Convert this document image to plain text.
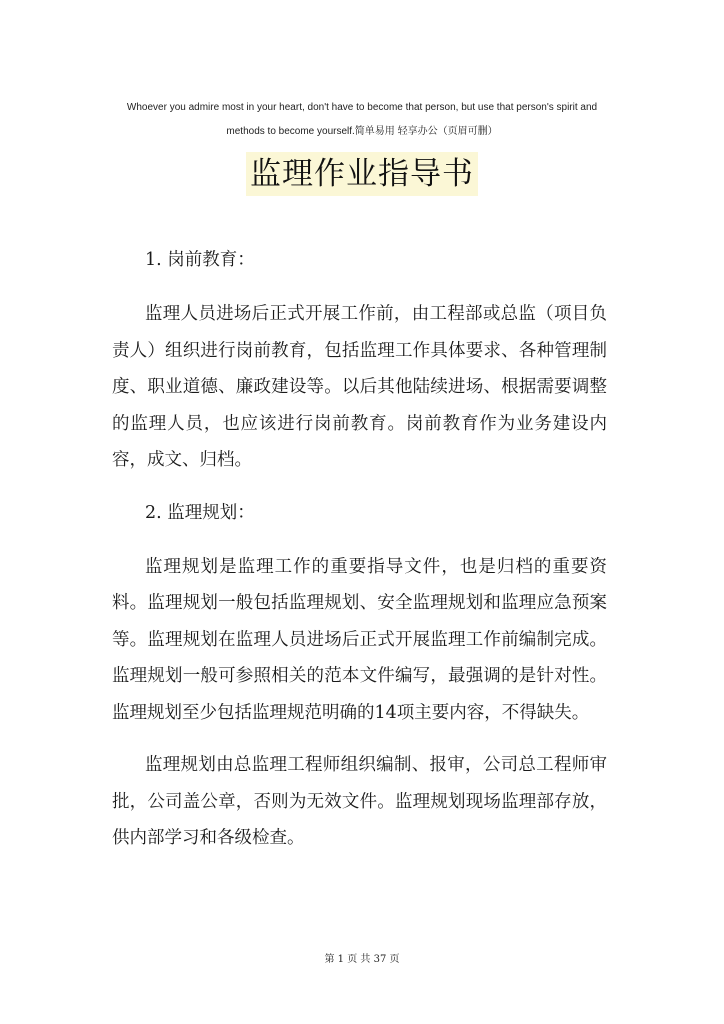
Whoever you admire most in your heart, don't have to become that person, but use that person's spirit and

methods to become yourself.简单易用 轻享办公（页眉可删）

监理作业指导书

1. 岗前教育：

监理人员进场后正式开展工作前，由工程部或总监（项目负责人）组织进行岗前教育，包括监理工作具体要求、各种管理制度、职业道德、廉政建设等。以后其他陆续进场、根据需要调整的监理人员，也应该进行岗前教育。岗前教育作为业务建设内容，成文、归档。

2. 监理规划：

监理规划是监理工作的重要指导文件，也是归档的重要资料。监理规划一般包括监理规划、安全监理规划和监理应急预案等。监理规划在监理人员进场后正式开展监理工作前编制完成。监理规划一般可参照相关的范本文件编写，最强调的是针对性。监理规划至少包括监理规范明确的14项主要内容，不得缺失。

监理规划由总监理工程师组织编制、报审，公司总工程师审批，公司盖公章，否则为无效文件。监理规划现场监理部存放，供内部学习和各级检查。

第 1 页 共 37 页
